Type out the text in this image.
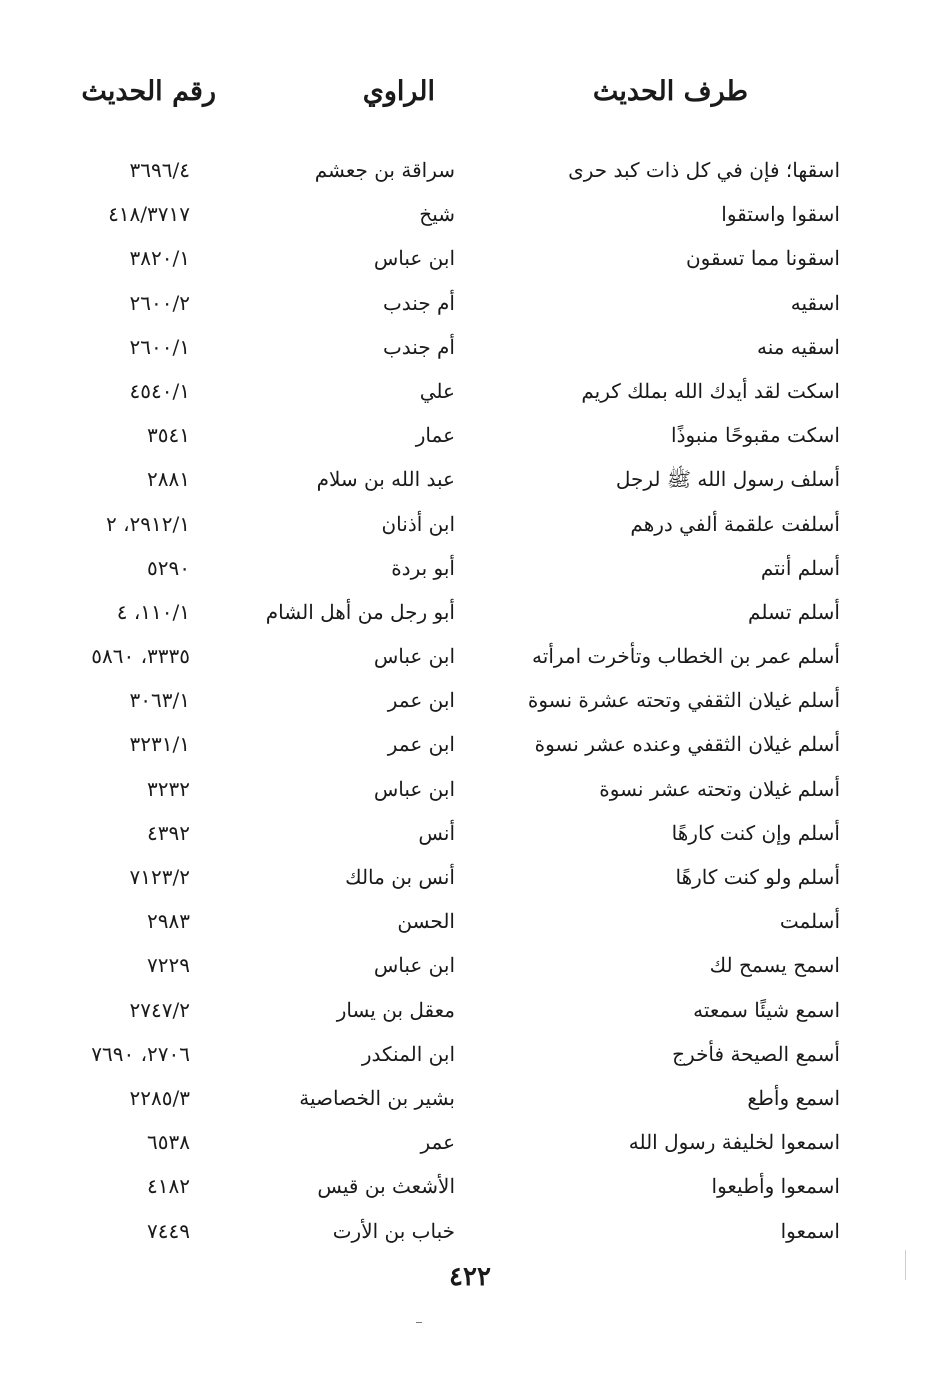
طرف الحديث
الراوي
رقم الحديث
اسقها؛ فإن في كل ذات كبد حرى
سراقة بن جعشم
٣٦٩٦/٤
اسقوا واستقوا
شيخ
٤١٨/٣٧١٧
اسقونا مما تسقون
ابن عباس
٣٨٢٠/١
اسقيه
أم جندب
٢٦٠٠/٢
اسقيه منه
أم جندب
٢٦٠٠/١
اسكت لقد أيدك الله بملك كريم
علي
٤٥٤٠/١
اسكت مقبوحًا منبوذًا
عمار
٣٥٤١
أسلف رسول الله ﷺ لرجل
عبد الله بن سلام
٢٨٨١
أسلفت علقمة ألفي درهم
ابن أذنان
٢٩١٢/١، ٢
أسلم أنتم
أبو بردة
٥٢٩٠
أسلم تسلم
أبو رجل من أهل الشام
١١٠/١، ٤
أسلم عمر بن الخطاب وتأخرت امرأته
ابن عباس
٣٣٣٥، ٥٨٦٠
أسلم غيلان الثقفي وتحته عشرة نسوة
ابن عمر
٣٠٦٣/١
أسلم غيلان الثقفي وعنده عشر نسوة
ابن عمر
٣٢٣١/١
أسلم غيلان وتحته عشر نسوة
ابن عباس
٣٢٣٢
أسلم وإن كنت كارهًا
أنس
٤٣٩٢
أسلم ولو كنت كارهًا
أنس بن مالك
٧١٢٣/٢
أسلمت
الحسن
٢٩٨٣
اسمح يسمح لك
ابن عباس
٧٢٢٩
اسمع شيئًا سمعته
معقل بن يسار
٢٧٤٧/٢
أسمع الصيحة فأخرج
ابن المنكدر
٢٧٠٦، ٧٦٩٠
اسمع وأطع
بشير بن الخصاصية
٢٢٨٥/٣
اسمعوا لخليفة رسول الله
عمر
٦٥٣٨
اسمعوا وأطيعوا
الأشعث بن قيس
٤١٨٢
اسمعوا
خباب بن الأرت
٧٤٤٩
٤٢٢
